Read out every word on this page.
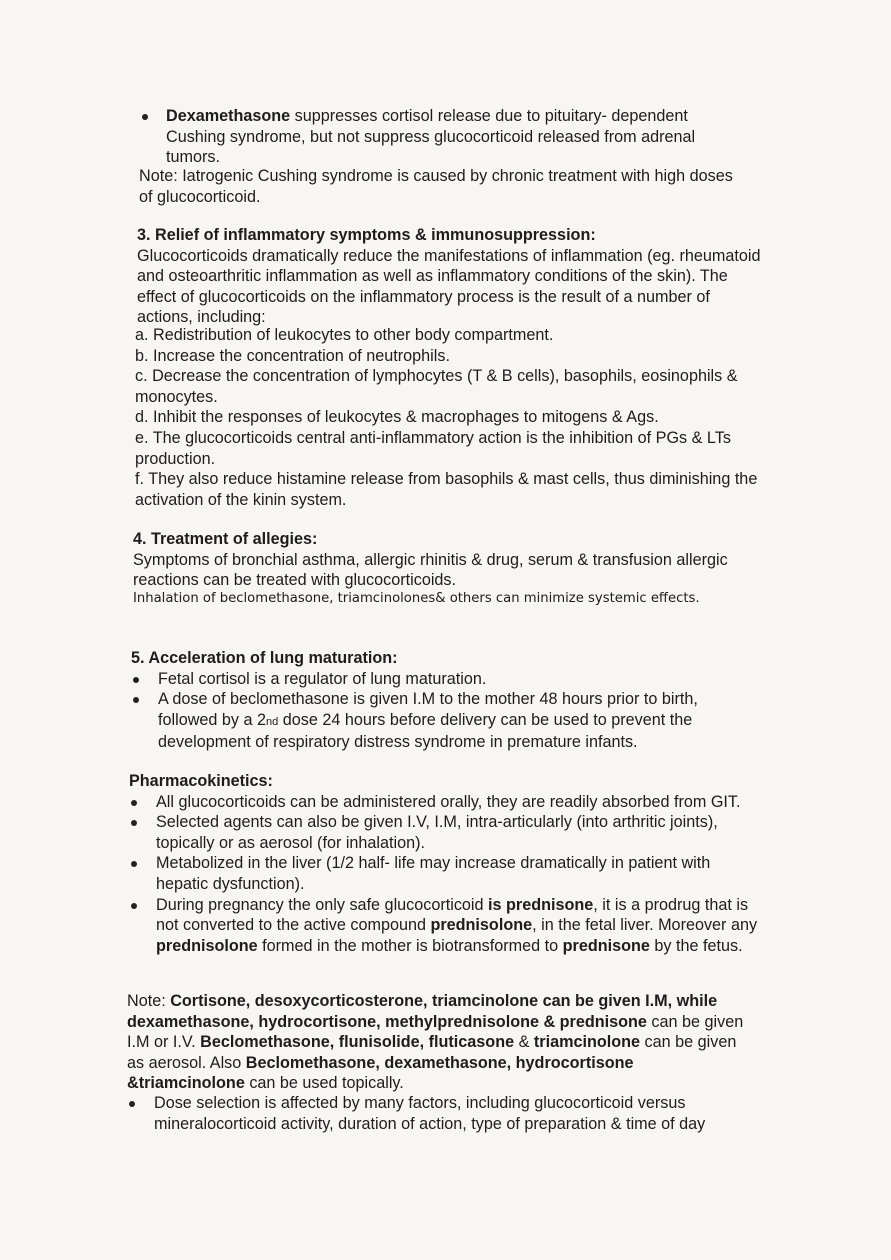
Dexamethasone suppresses cortisol release due to pituitary- dependent Cushing syndrome, but not suppress glucocorticoid released from adrenal tumors.

Note: Iatrogenic Cushing syndrome is caused by chronic treatment with high doses of glucocorticoid.

3. Relief of inflammatory symptoms & immunosuppression:

Glucocorticoids dramatically reduce the manifestations of inflammation (eg. rheumatoid and osteoarthritic inflammation as well as inflammatory conditions of the skin). The effect of glucocorticoids on the inflammatory process is the result of a number of actions, including:

a. Redistribution of leukocytes to other body compartment.

b. Increase the concentration of neutrophils.

c. Decrease the concentration of lymphocytes (T & B cells), basophils, eosinophils & monocytes.

d. Inhibit the responses of leukocytes & macrophages to mitogens & Ags.

e. The glucocorticoids central anti-inflammatory action is the inhibition of PGs & LTs production.

f. They also reduce histamine release from basophils & mast cells, thus diminishing the activation of the kinin system.

4. Treatment of allegies:

Symptoms of bronchial asthma, allergic rhinitis & drug, serum & transfusion allergic reactions can be treated with glucocorticoids.

Inhalation of beclomethasone, triamcinolones& others can minimize systemic effects.

5. Acceleration of lung maturation:

Fetal cortisol is a regulator of lung maturation.

A dose of beclomethasone is given I.M to the mother 48 hours prior to birth, followed by a 2nd dose 24 hours before delivery can be used to prevent the development of respiratory distress syndrome in premature infants.

Pharmacokinetics:

All glucocorticoids can be administered orally, they are readily absorbed from GIT.

Selected agents can also be given I.V, I.M, intra-articularly (into arthritic joints), topically or as aerosol (for inhalation).

Metabolized in the liver (1/2 half- life may increase dramatically in patient with hepatic dysfunction).

During pregnancy the only safe glucocorticoid is prednisone, it is a prodrug that is not converted to the active compound prednisolone, in the fetal liver. Moreover any prednisolone formed in the mother is biotransformed to prednisone by the fetus.

Note: Cortisone, desoxycorticosterone, triamcinolone can be given I.M, while dexamethasone, hydrocortisone, methylprednisolone & prednisone can be given I.M or I.V. Beclomethasone, flunisolide, fluticasone & triamcinolone can be given as aerosol. Also Beclomethasone, dexamethasone, hydrocortisone &triamcinolone can be used topically.

Dose selection is affected by many factors, including glucocorticoid versus mineralocorticoid activity, duration of action, type of preparation & time of day
